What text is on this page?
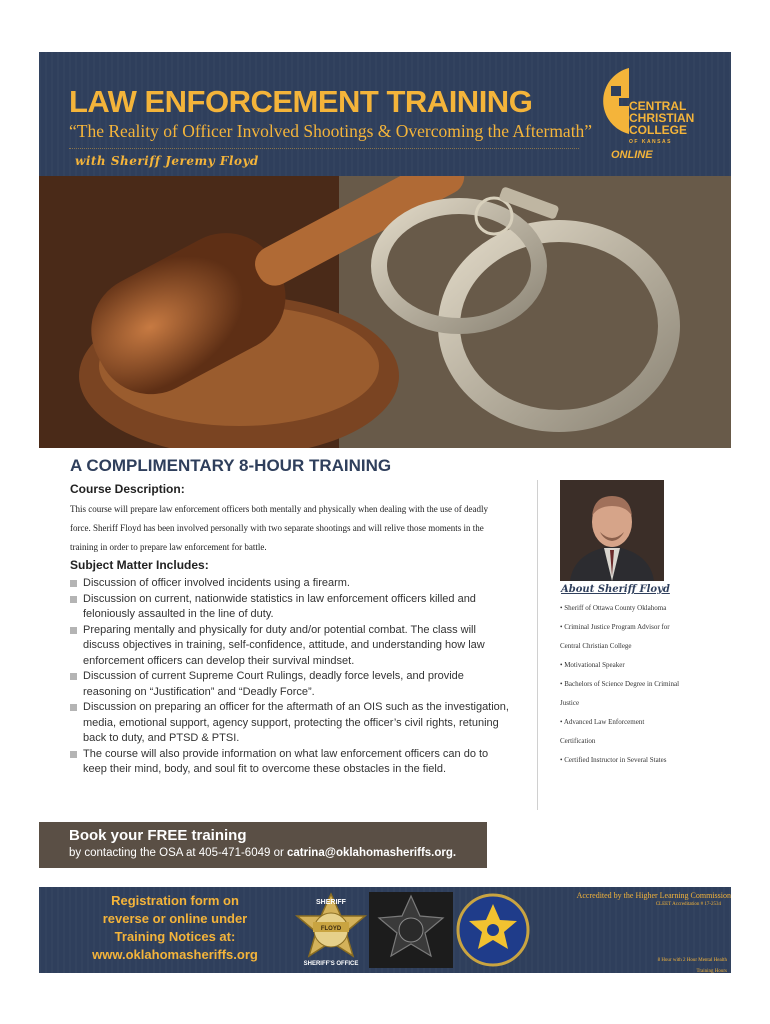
LAW ENFORCEMENT TRAINING
“The Reality of Officer Involved Shootings & Overcoming the Aftermath”
with Sheriff Jeremy Floyd
CENTRAL
CHRISTIAN
COLLEGE
OF KANSAS
ONLINE
A COMPLIMENTARY 8-HOUR TRAINING
Course Description:
This course will prepare law enforcement officers both mentally and physically when dealing with the use of deadly force. Sheriff Floyd has been involved personally with two separate shootings and will relive those moments in the training in order to prepare law enforcement for battle.
Subject Matter Includes:
Discussion of officer involved incidents using a firearm.
Discussion on current, nationwide statistics in law enforcement officers killed and feloniously assaulted in the line of duty.
Preparing mentally and physically for duty and/or potential combat. The class will discuss objectives in training, self-confidence, attitude, and understanding how law enforcement officers can develop their survival mindset.
Discussion of current Supreme Court Rulings, deadly force levels, and provide reasoning on “Justification” and “Deadly Force”.
Discussion on preparing an officer for the aftermath of an OIS such as the investigation, media, emotional support, agency support, protecting the officer’s civil rights, retuning back to duty, and PTSD & PTSI.
The course will also provide information on what law enforcement officers can do to keep their mind, body, and soul fit to overcome these obstacles in the field.
About Sheriff Floyd
• Sheriff of Ottawa County Oklahoma
• Criminal Justice Program Advisor for
Central Christian College
• Motivational Speaker
• Bachelors of Science Degree in Criminal
Justice
• Advanced Law Enforcement
Certification
• Certified Instructor in Several States
Book your FREE training
by contacting the OSA at 405-471-6049 or catrina@oklahomasheriffs.org.
Registration form on
reverse or online under
Training Notices at:
www.oklahomasheriffs.org
SHERIFF
FLOYD
SHERIFF'S OFFICE
Accredited by the Higher Learning Commission
CLEET Accreditation # 17-2534
8 Hour with 2 Hour Mental Health
Training Hours
